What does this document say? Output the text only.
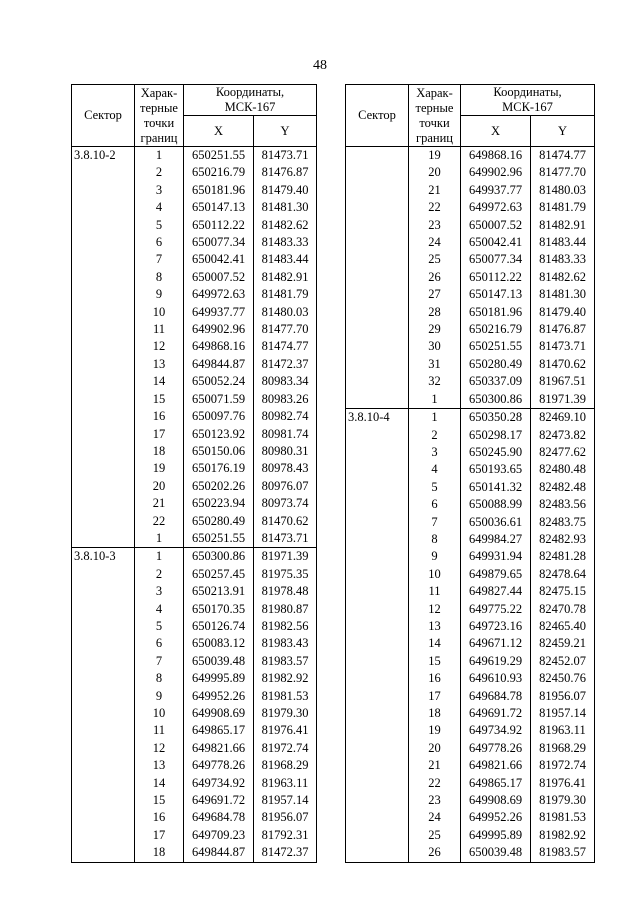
48
Сектор	Харак-
терные
точки
границ	Координаты,
МСК-167	
		X	Y
3.8.10-2	1	650251.55	81473.71
	2	650216.79	81476.87
	3	650181.96	81479.40
	4	650147.13	81481.30
	5	650112.22	81482.62
	6	650077.34	81483.33
	7	650042.41	81483.44
	8	650007.52	81482.91
	9	649972.63	81481.79
	10	649937.77	81480.03
	11	649902.96	81477.70
	12	649868.16	81474.77
	13	649844.87	81472.37
	14	650052.24	80983.34
	15	650071.59	80983.26
	16	650097.76	80982.74
	17	650123.92	80981.74
	18	650150.06	80980.31
	19	650176.19	80978.43
	20	650202.26	80976.07
	21	650223.94	80973.74
	22	650280.49	81470.62
	1	650251.55	81473.71
3.8.10-3	1	650300.86	81971.39
	2	650257.45	81975.35
	3	650213.91	81978.48
	4	650170.35	81980.87
	5	650126.74	81982.56
	6	650083.12	81983.43
	7	650039.48	81983.57
	8	649995.89	81982.92
	9	649952.26	81981.53
	10	649908.69	81979.30
	11	649865.17	81976.41
	12	649821.66	81972.74
	13	649778.26	81968.29
	14	649734.92	81963.11
	15	649691.72	81957.14
	16	649684.78	81956.07
	17	649709.23	81792.31
	18	649844.87	81472.37
Сектор	Харак-
терные
точки
границ	Координаты,
МСК-167	
		X	Y
	19	649868.16	81474.77
	20	649902.96	81477.70
	21	649937.77	81480.03
	22	649972.63	81481.79
	23	650007.52	81482.91
	24	650042.41	81483.44
	25	650077.34	81483.33
	26	650112.22	81482.62
	27	650147.13	81481.30
	28	650181.96	81479.40
	29	650216.79	81476.87
	30	650251.55	81473.71
	31	650280.49	81470.62
	32	650337.09	81967.51
	1	650300.86	81971.39
3.8.10-4	1	650350.28	82469.10
	2	650298.17	82473.82
	3	650245.90	82477.62
	4	650193.65	82480.48
	5	650141.32	82482.48
	6	650088.99	82483.56
	7	650036.61	82483.75
	8	649984.27	82482.93
	9	649931.94	82481.28
	10	649879.65	82478.64
	11	649827.44	82475.15
	12	649775.22	82470.78
	13	649723.16	82465.40
	14	649671.12	82459.21
	15	649619.29	82452.07
	16	649610.93	82450.76
	17	649684.78	81956.07
	18	649691.72	81957.14
	19	649734.92	81963.11
	20	649778.26	81968.29
	21	649821.66	81972.74
	22	649865.17	81976.41
	23	649908.69	81979.30
	24	649952.26	81981.53
	25	649995.89	81982.92
	26	650039.48	81983.57
